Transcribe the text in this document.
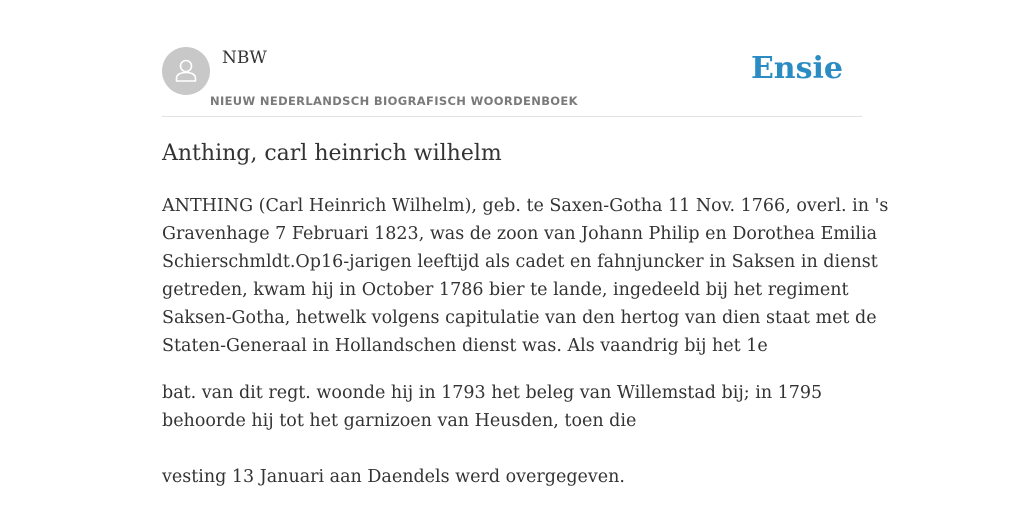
NBW
NIEUW NEDERLANDSCH BIOGRAFISCH WOORDENBOEK
Ensie
Anthing, carl heinrich wilhelm

ANTHING (Carl Heinrich Wilhelm), geb. te Saxen-Gotha 11 Nov. 1766, overl. in 's
Gravenhage 7 Februari 1823, was de zoon van Johann Philip en Dorothea Emilia
Schierschmldt.Op16-jarigen leeftijd als cadet en fahnjuncker in Saksen in dienst
getreden, kwam hij in October 1786 bier te lande, ingedeeld bij het regiment
Saksen-Gotha, hetwelk volgens capitulatie van den hertog van dien staat met de
Staten-Generaal in Hollandschen dienst was. Als vaandrig bij het 1e

bat. van dit regt. woonde hij in 1793 het beleg van Willemstad bij; in 1795
behoorde hij tot het garnizoen van Heusden, toen die

vesting 13 Januari aan Daendels werd overgegeven.
